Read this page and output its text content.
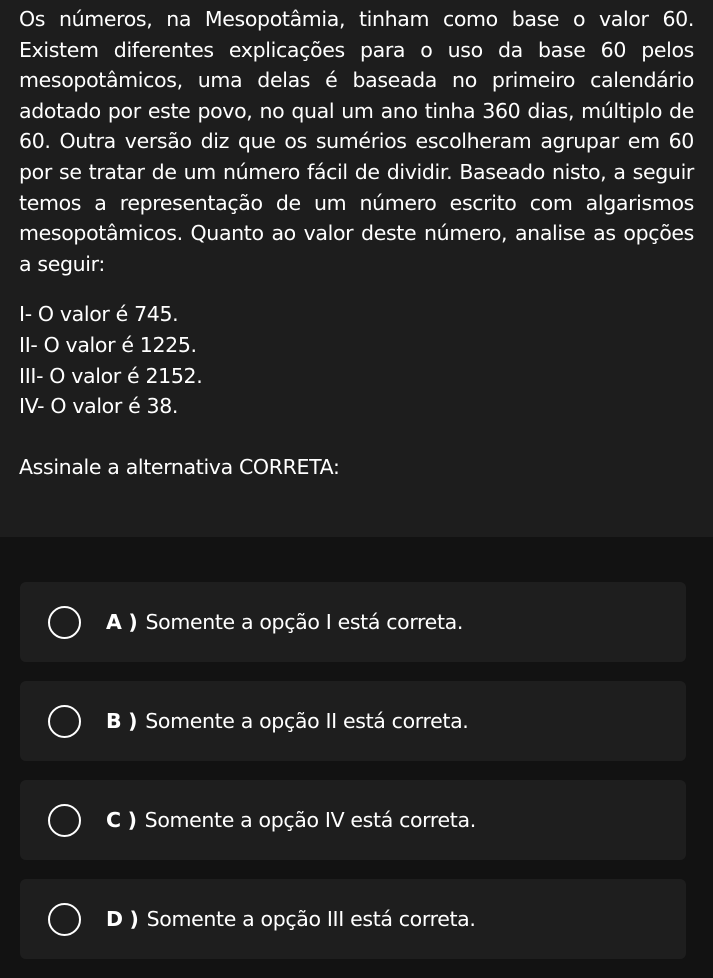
Os números, na Mesopotâmia, tinham como base o valor 60. Existem diferentes explicações para o uso da base 60 pelos mesopotâmicos, uma delas é baseada no primeiro calendário adotado por este povo, no qual um ano tinha 360 dias, múltiplo de 60. Outra versão diz que os sumérios escolheram agrupar em 60 por se tratar de um número fácil de dividir. Baseado nisto, a seguir temos a representação de um número escrito com algarismos mesopotâmicos. Quanto ao valor deste número, analise as opções a seguir:

I- O valor é 745.
II- O valor é 1225.
III- O valor é 2152.
IV- O valor é 38.

Assinale a alternativa CORRETA:

A ) Somente a opção I está correta.
B ) Somente a opção II está correta.
C ) Somente a opção IV está correta.
D ) Somente a opção III está correta.
